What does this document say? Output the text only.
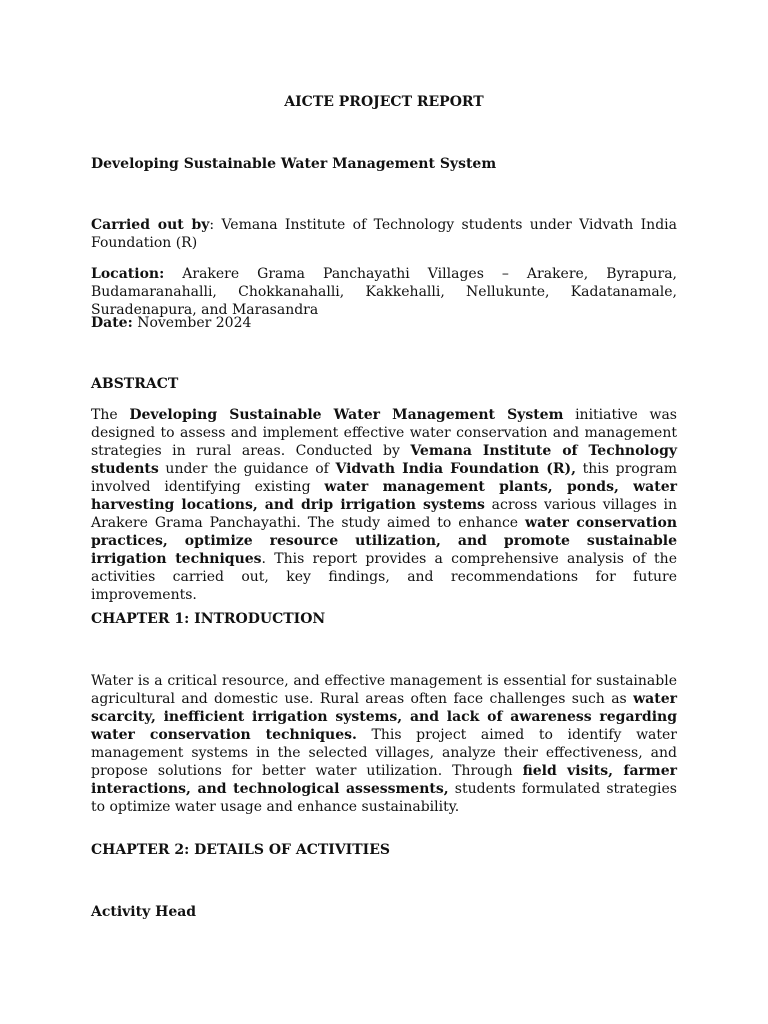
AICTE PROJECT REPORT

Developing Sustainable Water Management System

Carried out by: Vemana Institute of Technology students under Vidvath India Foundation (R)

Location: Arakere Grama Panchayathi Villages – Arakere, Byrapura, Budamaranahalli, Chokkanahalli, Kakkehalli, Nellukunte, Kadatanamale, Suradenapura, and Marasandra

Date: November 2024

ABSTRACT

The Developing Sustainable Water Management System initiative was designed to assess and implement effective water conservation and management strategies in rural areas. Conducted by Vemana Institute of Technology students under the guidance of Vidvath India Foundation (R), this program involved identifying existing water management plants, ponds, water harvesting locations, and drip irrigation systems across various villages in Arakere Grama Panchayathi. The study aimed to enhance water conservation practices, optimize resource utilization, and promote sustainable irrigation techniques. This report provides a comprehensive analysis of the activities carried out, key findings, and recommendations for future improvements.

CHAPTER 1: INTRODUCTION

Water is a critical resource, and effective management is essential for sustainable agricultural and domestic use. Rural areas often face challenges such as water scarcity, inefficient irrigation systems, and lack of awareness regarding water conservation techniques. This project aimed to identify water management systems in the selected villages, analyze their effectiveness, and propose solutions for better water utilization. Through field visits, farmer interactions, and technological assessments, students formulated strategies to optimize water usage and enhance sustainability.

CHAPTER 2: DETAILS OF ACTIVITIES

Activity Head
